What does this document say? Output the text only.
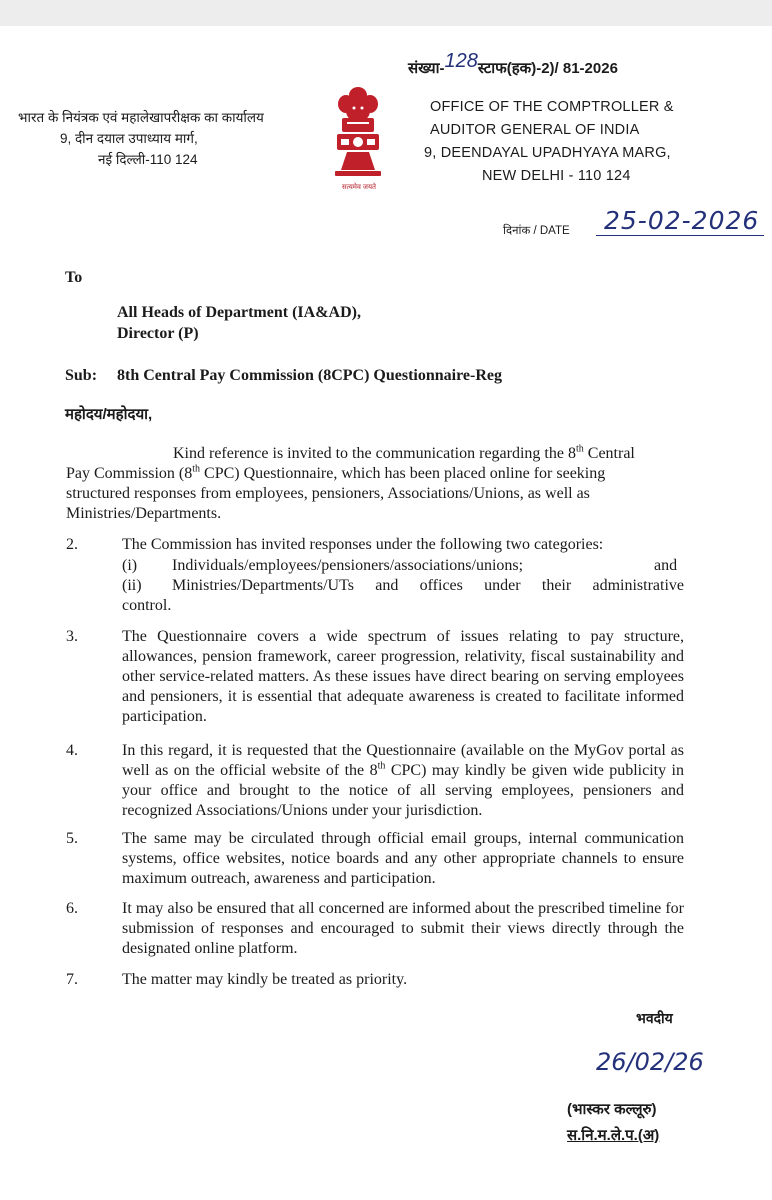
संख्या-128स्टाफ(हक)-2)/ 81-2026
भारत के नियंत्रक एवं महालेखापरीक्षक का कार्यालय
9, दीन दयाल उपाध्याय मार्ग,
नई दिल्ली-110 124
सत्यमेव जयते
OFFICE OF THE COMPTROLLER &
AUDITOR GENERAL OF INDIA
9, DEENDAYAL UPADHYAYA MARG,
NEW DELHI - 110 124
दिनांक / DATE 25-02-2026
To
All Heads of Department (IA&AD),
Director (P)
Sub: 8th Central Pay Commission (8CPC) Questionnaire-Reg
महोदय/महोदया,
Kind reference is invited to the communication regarding the 8th Central
Pay Commission (8th CPC) Questionnaire, which has been placed online for seeking
structured responses from employees, pensioners, Associations/Unions, as well as
Ministries/Departments.
2.	The Commission has invited responses under the following two categories:
(i) Individuals/employees/pensioners/associations/unions;	and
(ii) Ministries/Departments/UTs and offices under their administrative
control.
3.	The Questionnaire covers a wide spectrum of issues relating to pay structure, allowances, pension framework, career progression, relativity, fiscal sustainability and other service-related matters. As these issues have direct bearing on serving employees and pensioners, it is essential that adequate awareness is created to facilitate informed participation.
4.	In this regard, it is requested that the Questionnaire (available on the MyGov portal as well as on the official website of the 8th CPC) may kindly be given wide publicity in your office and brought to the notice of all serving employees, pensioners and recognized Associations/Unions under your jurisdiction.
5.	The same may be circulated through official email groups, internal communication systems, office websites, notice boards and any other appropriate channels to ensure maximum outreach, awareness and participation.
6.	It may also be ensured that all concerned are informed about the prescribed timeline for submission of responses and encouraged to submit their views directly through the designated online platform.
7.	The matter may kindly be treated as priority.
भवदीय
26/02/26
(भास्कर कल्लूरु)
स.नि.म.ले.प.(अ)
